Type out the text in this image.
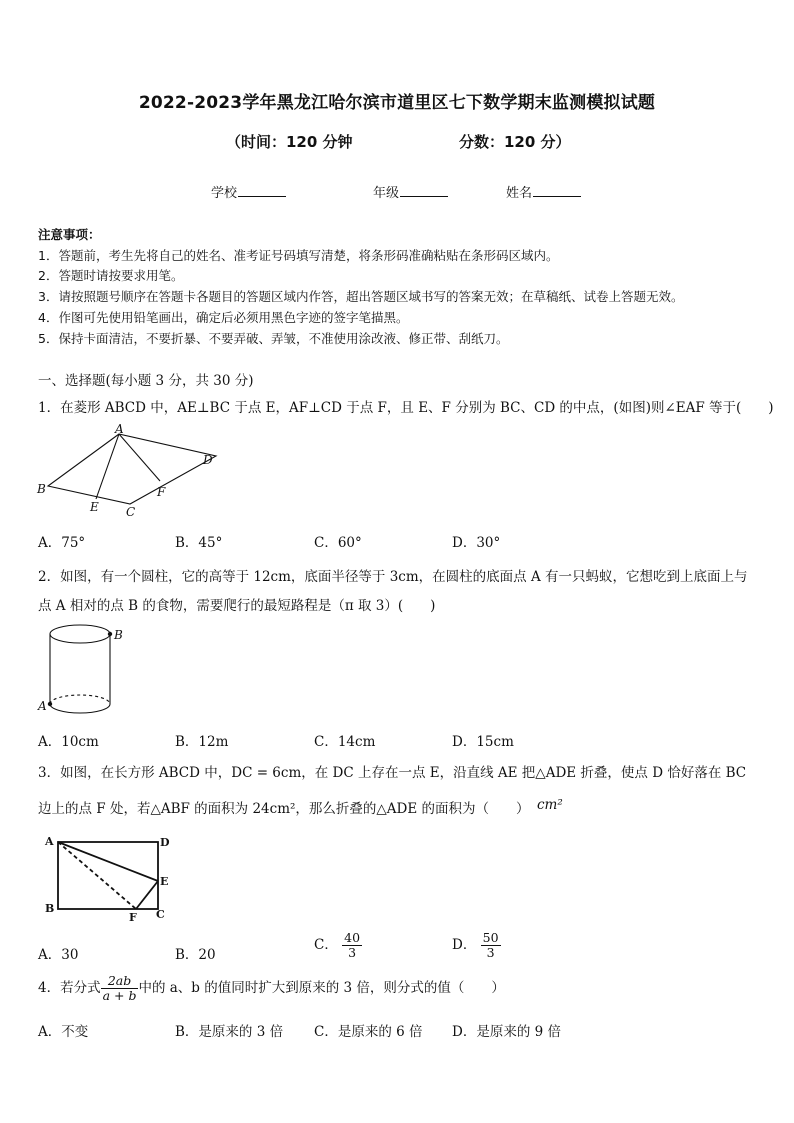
2022-2023学年黑龙江哈尔滨市道里区七下数学期末监测模拟试题
（时间：120 分钟	分数：120 分）
学校	年级	姓名
注意事项：
1．答题前，考生先将自己的姓名、准考证号码填写清楚，将条形码准确粘贴在条形码区域内。
2．答题时请按要求用笔。
3．请按照题号顺序在答题卡各题目的答题区域内作答，超出答题区域书写的答案无效；在草稿纸、试卷上答题无效。
4．作图可先使用铅笔画出，确定后必须用黑色字迹的签字笔描黑。
5．保持卡面清洁，不要折暴、不要弄破、弄皱，不准使用涂改液、修正带、刮纸刀。
一、选择题(每小题 3 分，共 30 分)
1．在菱形 ABCD 中，AE⊥BC 于点 E，AF⊥CD 于点 F，且 E、F 分别为 BC、CD 的中点，(如图)则∠EAF 等于(　　)
A
B
C
D
E
F
A．75°	B．45°	C．60°	D．30°
2．如图，有一个圆柱，它的高等于 12cm，底面半径等于 3cm，在圆柱的底面点 A 有一只蚂蚁，它想吃到上底面上与
点 A 相对的点 B 的食物，需要爬行的最短路程是（π 取 3）(　　)
B
A
A．10cm	B．12m	C．14cm	D．15cm
3．如图，在长方形 ABCD 中，DC = 6cm，在 DC 上存在一点 E，沿直线 AE 把△ADE 折叠，使点 D 恰好落在 BC
边上的点 F 处，若△ABF 的面积为 24cm²，那么折叠的△ADE 的面积为（　　） cm²
A
B	C
D
E
F
A．30	B．20
C． $\frac{40}{3}$	D． $\frac{50}{3}$
4．若分式 $\frac{2ab}{a + b}$ 中的 a、b 的值同时扩大到原来的 3 倍，则分式的值（　　）
A．不变	B．是原来的 3 倍 C．是原来的 6 倍 D．是原来的 9 倍
